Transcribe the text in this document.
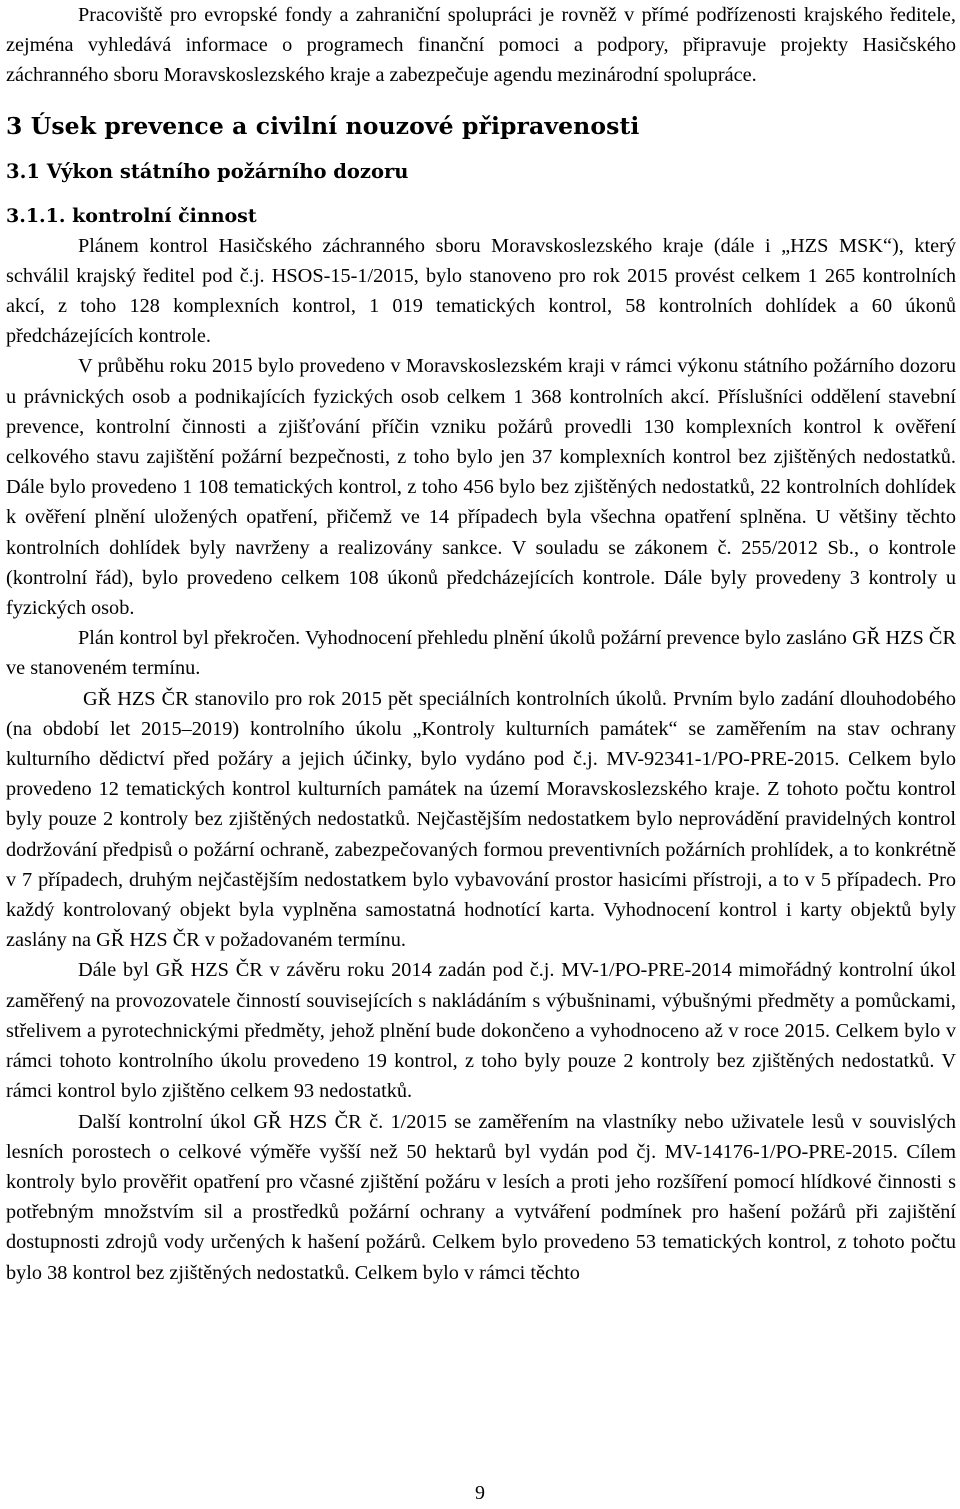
Pracoviště pro evropské fondy a zahraniční spolupráci je rovněž v přímé podřízenosti krajského ředitele, zejména vyhledává informace o programech finanční pomoci a podpory, připravuje projekty Hasičského záchranného sboru Moravskoslezského kraje a zabezpečuje agendu mezinárodní spolupráce.

3 Úsek prevence a civilní nouzové připravenosti
3.1 Výkon státního požárního dozoru
3.1.1. kontrolní činnost

Plánem kontrol Hasičského záchranného sboru Moravskoslezského kraje (dále i „HZS MSK“), který schválil krajský ředitel pod č.j. HSOS-15-1/2015, bylo stanoveno pro rok 2015 provést celkem 1 265 kontrolních akcí, z toho 128 komplexních kontrol, 1 019 tematických kontrol, 58 kontrolních dohlídek a 60 úkonů předcházejících kontrole.

V průběhu roku 2015 bylo provedeno v Moravskoslezském kraji v rámci výkonu státního požárního dozoru u právnických osob a podnikajících fyzických osob celkem 1 368 kontrolních akcí. Příslušníci oddělení stavební prevence, kontrolní činnosti a zjišťování příčin vzniku požárů provedli 130 komplexních kontrol k ověření celkového stavu zajištění požární bezpečnosti, z toho bylo jen 37 komplexních kontrol bez zjištěných nedostatků. Dále bylo provedeno 1 108 tematických kontrol, z toho 456 bylo bez zjištěných nedostatků, 22 kontrolních dohlídek k ověření plnění uložených opatření, přičemž ve 14 případech byla všechna opatření splněna. U většiny těchto kontrolních dohlídek byly navrženy a realizovány sankce. V souladu se zákonem č. 255/2012 Sb., o kontrole (kontrolní řád), bylo provedeno celkem 108 úkonů předcházejících kontrole. Dále byly provedeny 3 kontroly u fyzických osob.

Plán kontrol byl překročen. Vyhodnocení přehledu plnění úkolů požární prevence bylo zasláno GŘ HZS ČR ve stanoveném termínu.

GŘ HZS ČR stanovilo pro rok 2015 pět speciálních kontrolních úkolů. Prvním bylo zadání dlouhodobého (na období let 2015–2019) kontrolního úkolu „Kontroly kulturních památek“ se zaměřením na stav ochrany kulturního dědictví před požáry a jejich účinky, bylo vydáno pod č.j. MV-92341-1/PO-PRE-2015. Celkem bylo provedeno 12 tematických kontrol kulturních památek na území Moravskoslezského kraje. Z tohoto počtu kontrol byly pouze 2 kontroly bez zjištěných nedostatků. Nejčastějším nedostatkem bylo neprovádění pravidelných kontrol dodržování předpisů o požární ochraně, zabezpečovaných formou preventivních požárních prohlídek, a to konkrétně v 7 případech, druhým nejčastějším nedostatkem bylo vybavování prostor hasicími přístroji, a to v 5 případech. Pro každý kontrolovaný objekt byla vyplněna samostatná hodnotící karta. Vyhodnocení kontrol i karty objektů byly zaslány na GŘ HZS ČR v požadovaném termínu.

Dále byl GŘ HZS ČR v závěru roku 2014 zadán pod č.j. MV-1/PO-PRE-2014 mimořádný kontrolní úkol zaměřený na provozovatele činností souvisejících s nakládáním s výbušninami, výbušnými předměty a pomůckami, střelivem a pyrotechnickými předměty, jehož plnění bude dokončeno a vyhodnoceno až v roce 2015. Celkem bylo v rámci tohoto kontrolního úkolu provedeno 19 kontrol, z toho byly pouze 2 kontroly bez zjištěných nedostatků. V rámci kontrol bylo zjištěno celkem 93 nedostatků.

Další kontrolní úkol GŘ HZS ČR č. 1/2015 se zaměřením na vlastníky nebo uživatele lesů v souvislých lesních porostech o celkové výměře vyšší než 50 hektarů byl vydán pod čj. MV-14176-1/PO-PRE-2015. Cílem kontroly bylo prověřit opatření pro včasné zjištění požáru v lesích a proti jeho rozšíření pomocí hlídkové činnosti s potřebným množstvím sil a prostředků požární ochrany a vytváření podmínek pro hašení požárů při zajištění dostupnosti zdrojů vody určených k hašení požárů. Celkem bylo provedeno 53 tematických kontrol, z tohoto počtu bylo 38 kontrol bez zjištěných nedostatků. Celkem bylo v rámci těchto

9
